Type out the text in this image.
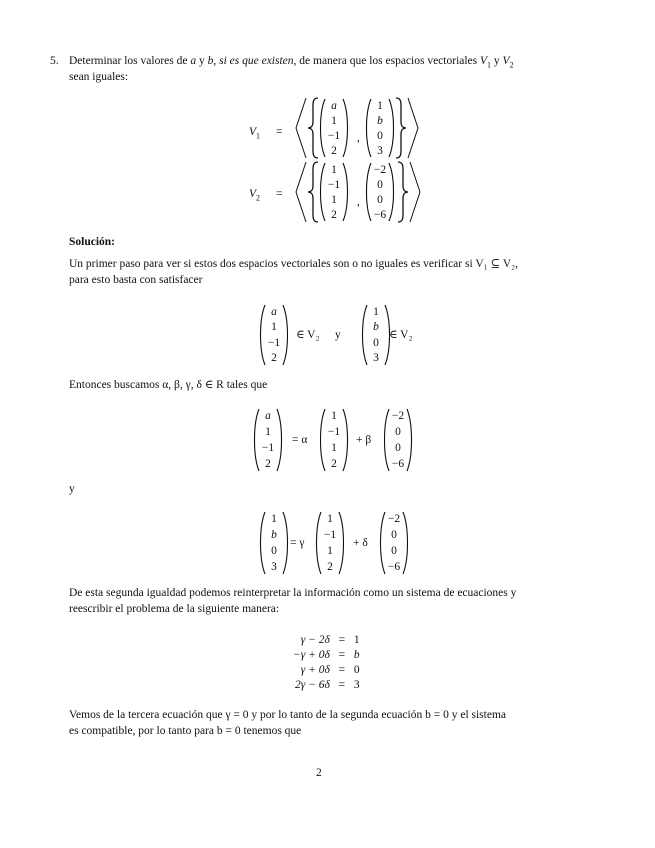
5. Determinar los valores de a y b, si es que existen, de manera que los espacios vectoriales $V_1$ y $V_2$
sean iguales:
$V_1$ =
a
1
−1
2
,
1
b
0
3
$V_2$ =
1
−1
1
2
,
−2
0
0
−6
Solución:
Un primer paso para ver si estos dos espacios vectoriales son o no iguales es verificar si V₁ ⊆ V₂,
para esto basta con satisfacer
a
1
−1
2
∈ V₂ y
1
b
0
3
∈ V₂
Entonces buscamos α, β, γ, δ ∈ R tales que
a
1
−1
2
= α
1
−1
1
2
+ β
−2
0
0
−6
y
1
b
0
3
= γ
1
−1
1
2
+ δ
−2
0
0
−6
De esta segunda igualdad podemos reinterpretar la información como un sistema de ecuaciones y
reescribir el problema de la siguiente manera:
γ − 2δ = 1
−γ + 0δ = b
γ + 0δ = 0
2γ − 6δ = 3
Vemos de la tercera ecuación que γ = 0 y por lo tanto de la segunda ecuación b = 0 y el sistema
es compatible, por lo tanto para b = 0 tenemos que
2
